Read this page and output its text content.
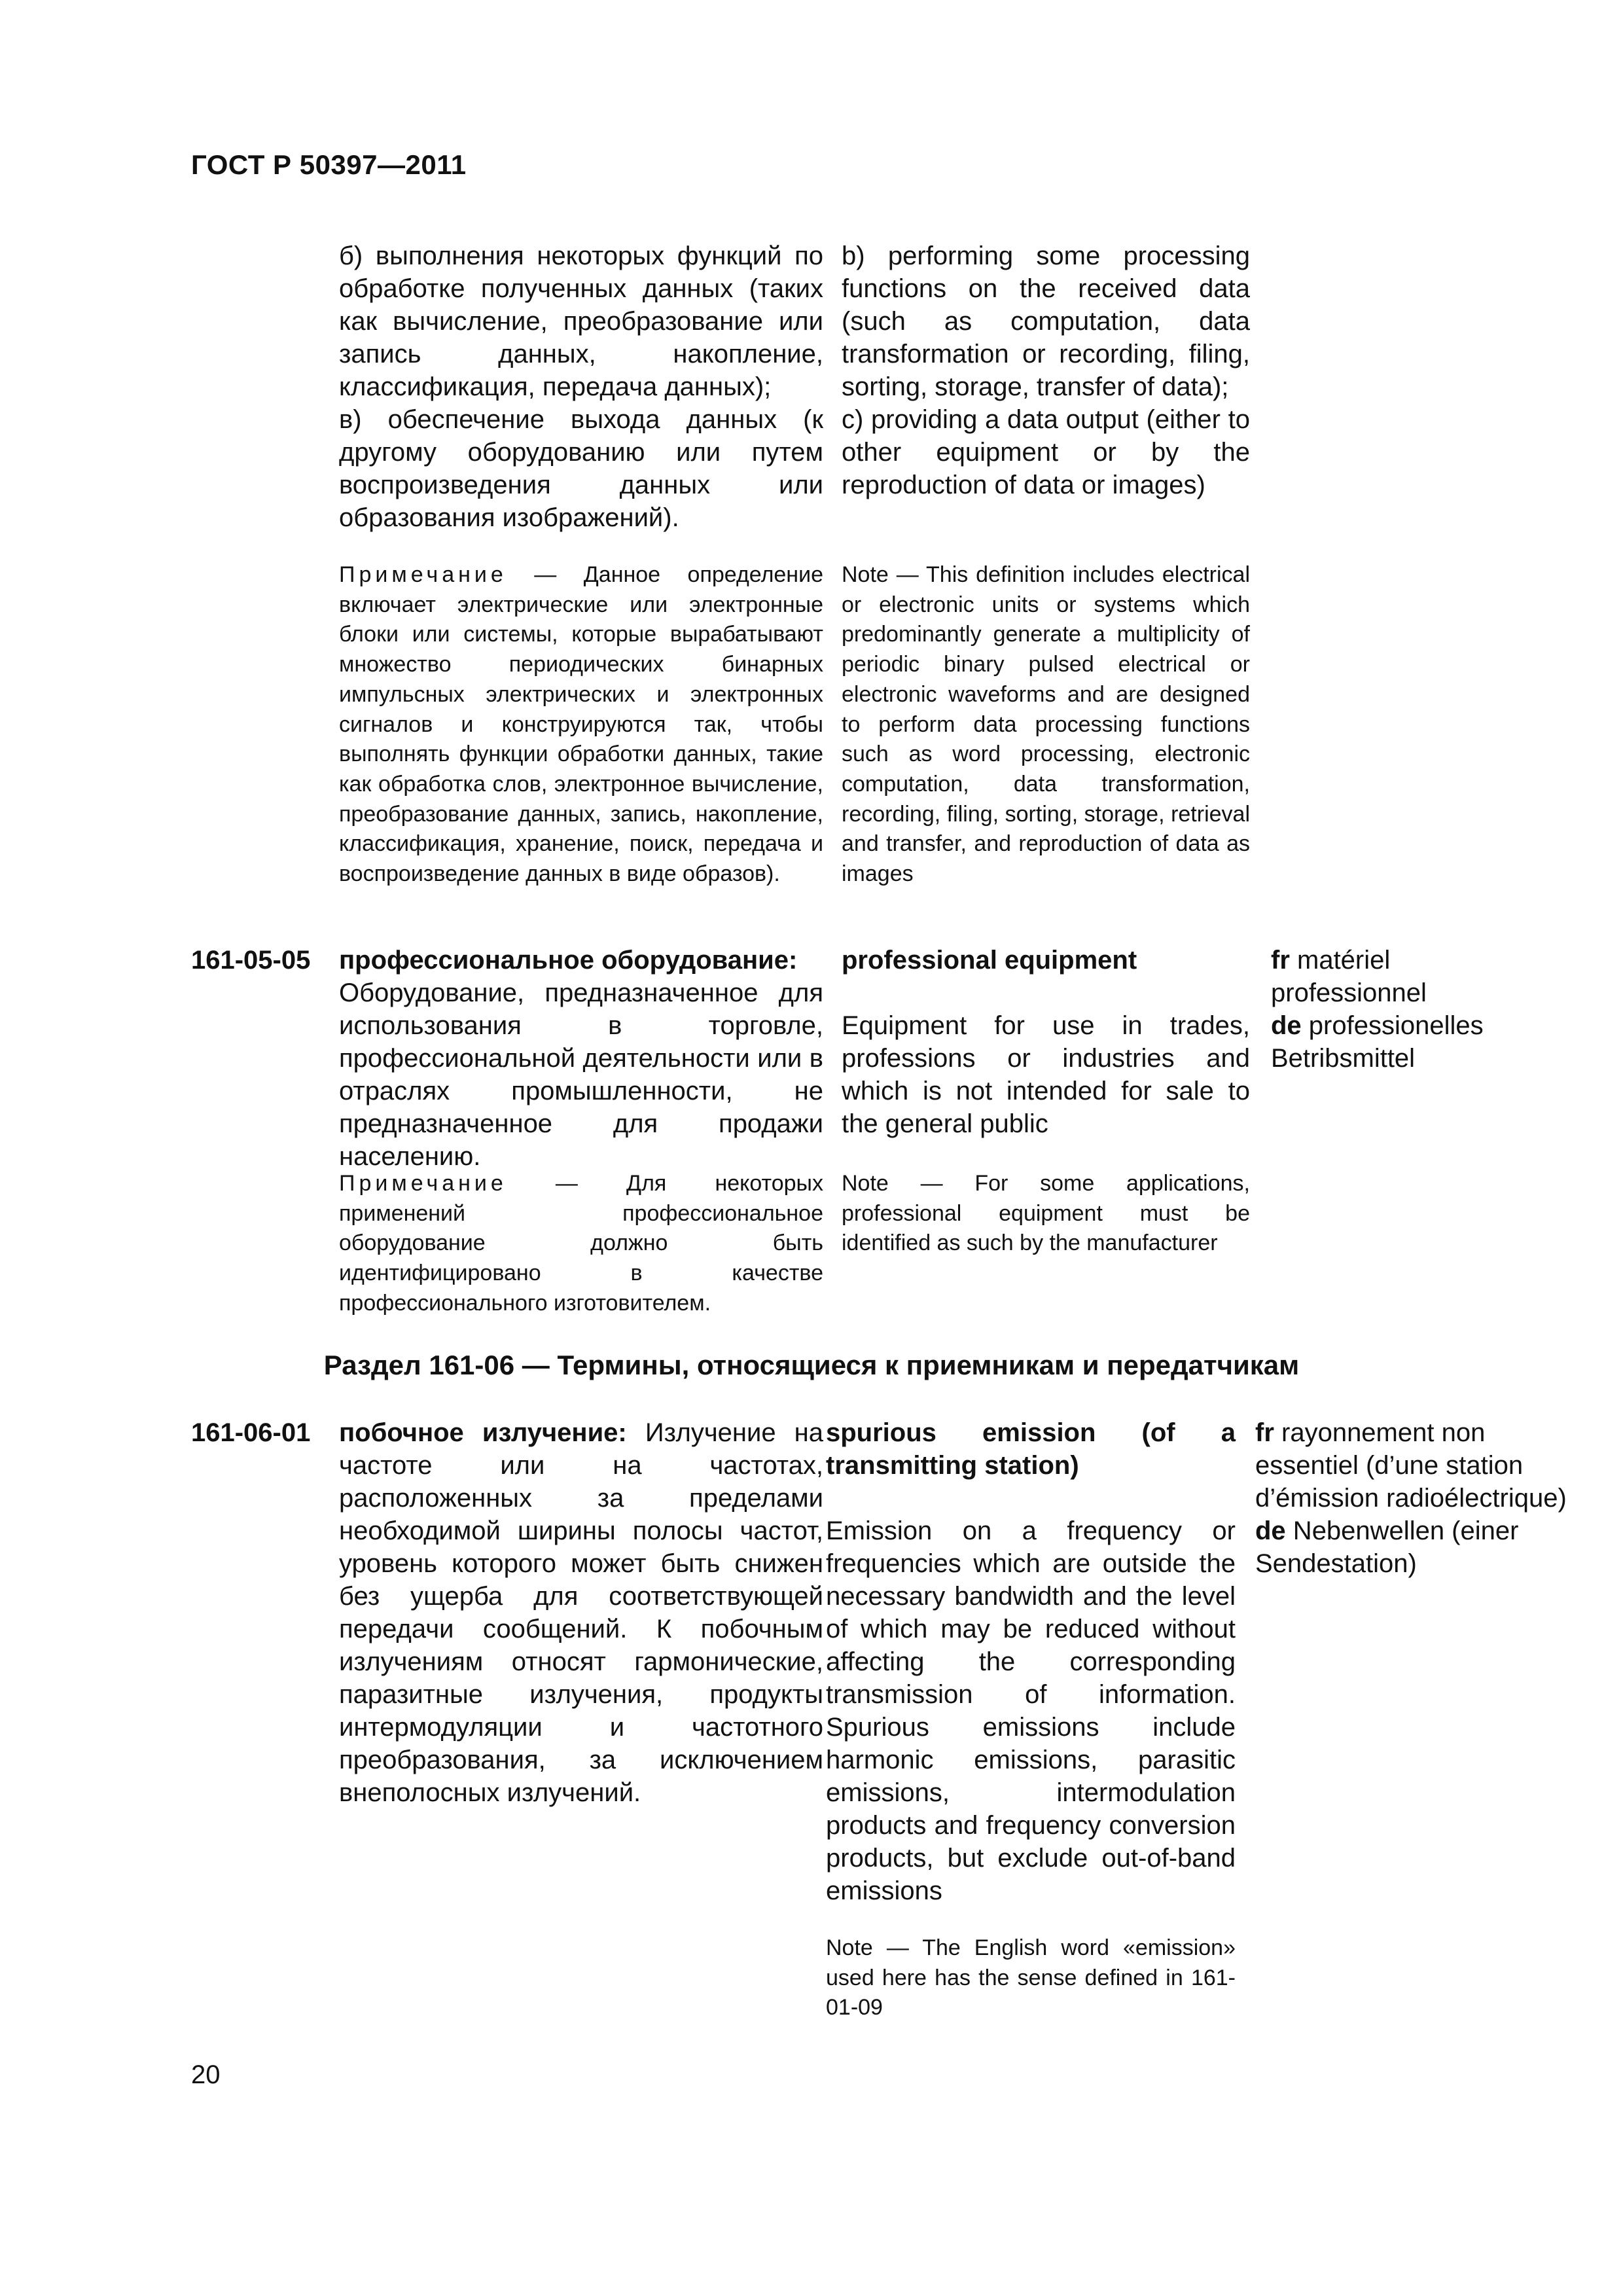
ГОСТ Р 50397—2011

б) выполнения некоторых функций по обработке полученных данных (таких как вычисление, преобразование или запись данных, накопление, классификация, передача данных);

в) обеспечение выхода данных (к другому оборудованию или путем воспроизведения данных или образования изображений).

b) performing some processing functions on the received data (such as computation, data transformation or recording, filing, sorting, storage, transfer of data);

c) providing a data output (either to other equipment or by the reproduction of data or images)

Примечание — Данное определение включает электрические или электронные блоки или системы, которые вырабатывают множество периодических бинарных импульсных электрических и электронных сигналов и конструируются так, чтобы выполнять функции обработки данных, такие как обработка слов, электронное вычисление, преобразование данных, запись, накопление, классификация, хранение, поиск, передача и воспроизведение данных в виде образов).

Note — This definition includes electrical or electronic units or systems which predominantly generate a multiplicity of periodic binary pulsed electrical or electronic waveforms and are designed to perform data processing functions such as word processing, electronic computation, data transformation, recording, filing, sorting, storage, retrieval and transfer, and reproduction of data as images

161-05-05 профессиональное оборудование:
Оборудование, предназначенное для использования в торговле, профессиональной деятельности или в отраслях промышленности, не предназначенное для продажи населению.

professional equipment

Equipment for use in trades, professions or industries and which is not intended for sale to the general public

fr matériel professionnel

de professionelles Betribsmittel

Примечание — Для некоторых применений профессиональное оборудование должно быть идентифицировано в качестве профессионального изготовителем.

Note — For some applications, professional equipment must be identified as such by the manufacturer

Раздел 161-06 — Термины, относящиеся к приемникам и передатчикам
161-06-01 побочное излучение: Излучение на частоте или на частотах, расположенных за пределами необходимой ширины полосы частот, уровень которого может быть снижен без ущерба для соответствующей передачи сообщений. К побочным излучениям относят гармонические, паразитные излучения, продукты интермодуляции и частотного преобразования, за исключением внеполосных излучений.

spurious emission (of a transmitting station)

Emission on a frequency or frequencies which are outside the necessary bandwidth and the level of which may be reduced without affecting the corresponding transmission of information. Spurious emissions include harmonic emissions, parasitic emissions, intermodulation products and frequency conversion products, but exclude out-of-band emissions

Note — The English word «emission» used here has the sense defined in 161-01-09

fr rayonnement non essentiel (d’une station d’émission radioélectrique)

de Nebenwellen (einer Sendestation)

20
